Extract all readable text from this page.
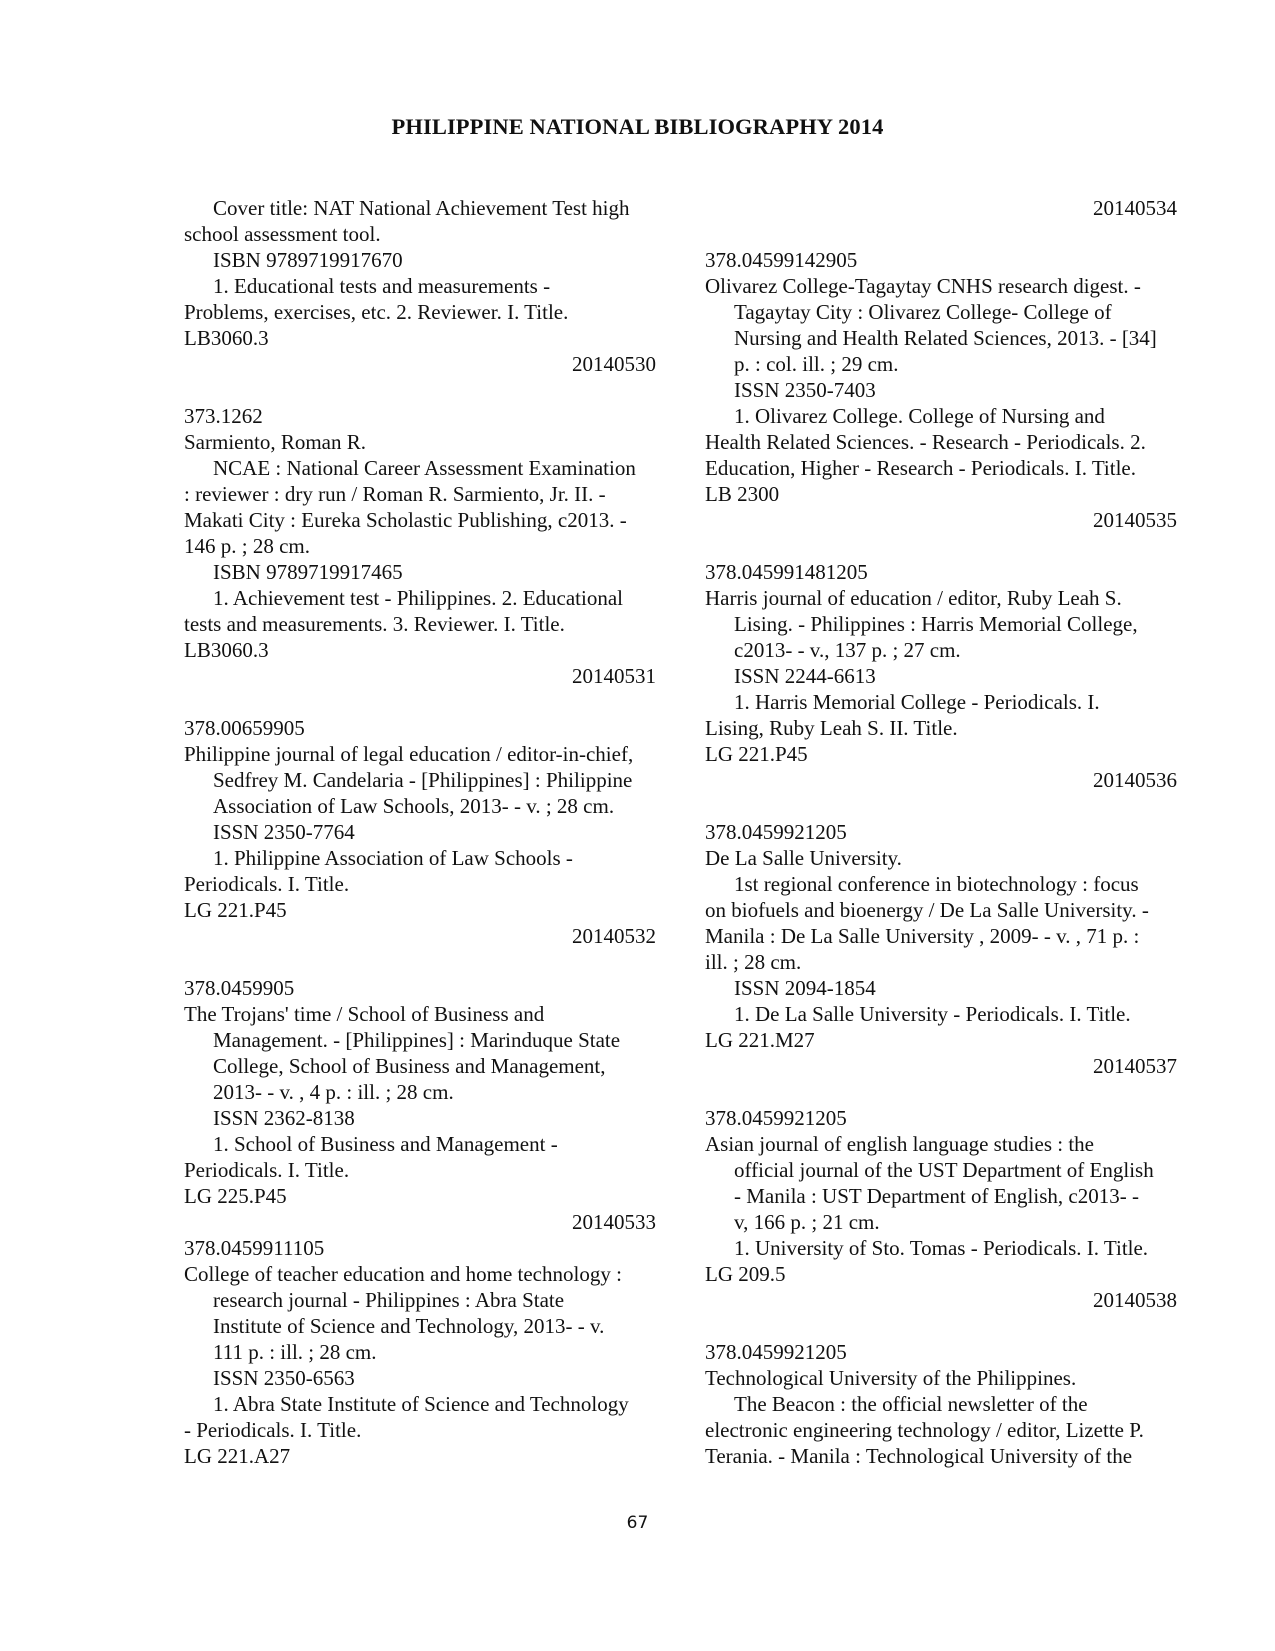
PHILIPPINE NATIONAL BIBLIOGRAPHY 2014
Cover title: NAT National Achievement Test high
school assessment tool.
ISBN 9789719917670
1. Educational tests and measurements -
Problems, exercises, etc. 2. Reviewer. I. Title.
LB3060.3
20140530
373.1262
Sarmiento, Roman R.
NCAE : National Career Assessment Examination
: reviewer : dry run / Roman R. Sarmiento, Jr. II. -
Makati City : Eureka Scholastic Publishing, c2013. -
146 p. ; 28 cm.
ISBN 9789719917465
1. Achievement test - Philippines. 2. Educational
tests and measurements. 3. Reviewer. I. Title.
LB3060.3
20140531
378.00659905
Philippine journal of legal education / editor-in-chief,
Sedfrey M. Candelaria - [Philippines] : Philippine
Association of Law Schools, 2013- - v. ; 28 cm.
ISSN 2350-7764
1. Philippine Association of Law Schools -
Periodicals. I. Title.
LG 221.P45
20140532
378.0459905
The Trojans' time / School of Business and
Management. - [Philippines] : Marinduque State
College, School of Business and Management,
2013- - v. , 4 p. : ill. ; 28 cm.
ISSN 2362-8138
1. School of Business and Management -
Periodicals. I. Title.
LG 225.P45
20140533
378.0459911105
College of teacher education and home technology :
research journal - Philippines : Abra State
Institute of Science and Technology, 2013- - v.
111 p. : ill. ; 28 cm.
ISSN 2350-6563
1. Abra State Institute of Science and Technology
- Periodicals. I. Title.
LG 221.A27
20140534
378.04599142905
Olivarez College-Tagaytay CNHS research digest. -
Tagaytay City : Olivarez College- College of
Nursing and Health Related Sciences, 2013. - [34]
p. : col. ill. ; 29 cm.
ISSN 2350-7403
1. Olivarez College. College of Nursing and
Health Related Sciences. - Research - Periodicals. 2.
Education, Higher - Research - Periodicals. I. Title.
LB 2300
20140535
378.045991481205
Harris journal of education / editor, Ruby Leah S.
Lising. - Philippines : Harris Memorial College,
c2013- - v., 137 p. ; 27 cm.
ISSN 2244-6613
1. Harris Memorial College - Periodicals. I.
Lising, Ruby Leah S. II. Title.
LG 221.P45
20140536
378.0459921205
De La Salle University.
1st regional conference in biotechnology : focus
on biofuels and bioenergy / De La Salle University. -
Manila : De La Salle University , 2009- - v. , 71 p. :
ill. ; 28 cm.
ISSN 2094-1854
1. De La Salle University - Periodicals. I. Title.
LG 221.M27
20140537
378.0459921205
Asian journal of english language studies : the
official journal of the UST Department of English
- Manila : UST Department of English, c2013- -
v, 166 p. ; 21 cm.
1. University of Sto. Tomas - Periodicals. I. Title.
LG 209.5
20140538
378.0459921205
Technological University of the Philippines.
The Beacon : the official newsletter of the
electronic engineering technology / editor, Lizette P.
Terania. - Manila : Technological University of the
67
